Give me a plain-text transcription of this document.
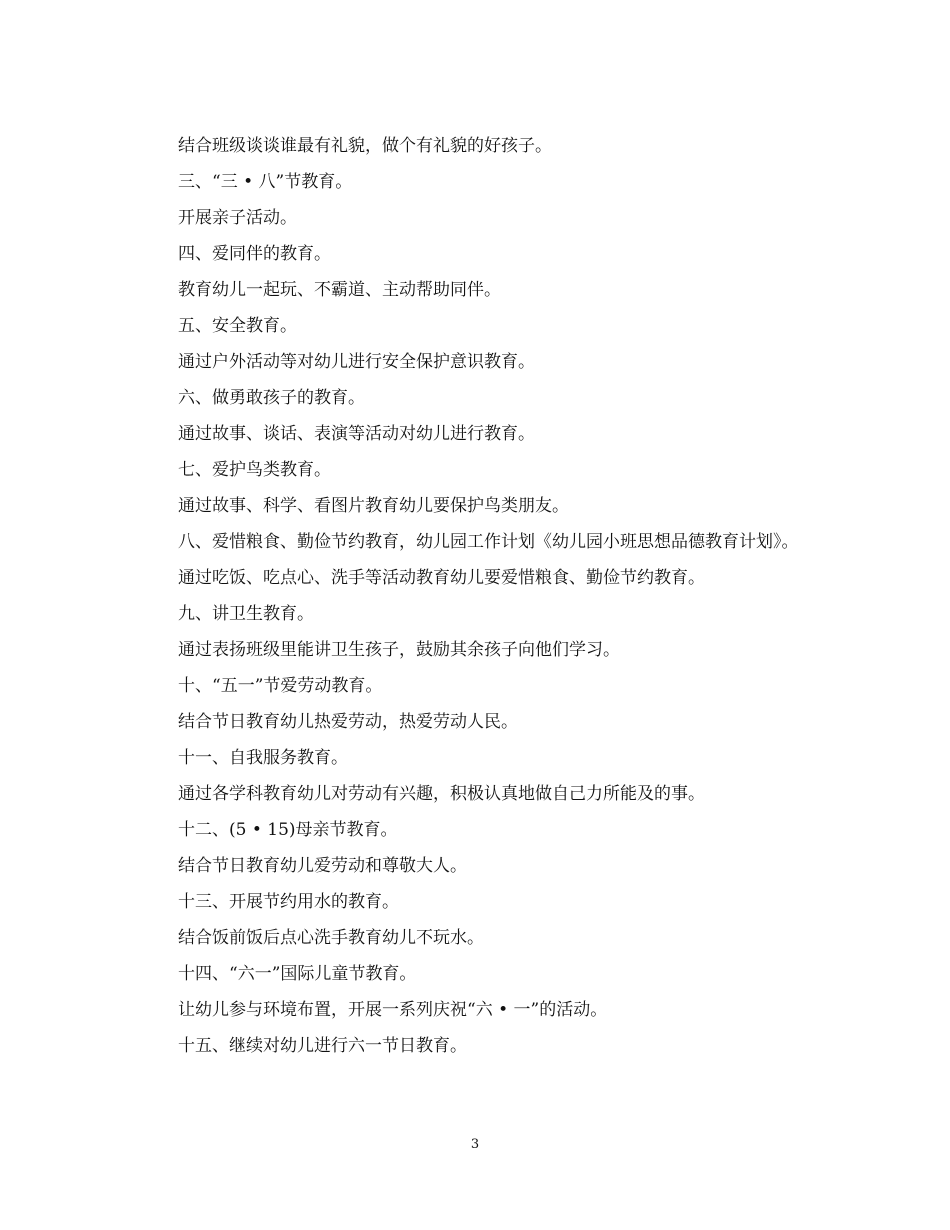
结合班级谈谈谁最有礼貌，做个有礼貌的好孩子。

三、“三 • 八”节教育。

开展亲子活动。

四、爱同伴的教育。

教育幼儿一起玩、不霸道、主动帮助同伴。

五、安全教育。

通过户外活动等对幼儿进行安全保护意识教育。

六、做勇敢孩子的教育。

通过故事、谈话、表演等活动对幼儿进行教育。

七、爱护鸟类教育。

通过故事、科学、看图片教育幼儿要保护鸟类朋友。

八、爱惜粮食、勤俭节约教育，幼儿园工作计划《幼儿园小班思想品德教育计划》。

通过吃饭、吃点心、洗手等活动教育幼儿要爱惜粮食、勤俭节约教育。

九、讲卫生教育。

通过表扬班级里能讲卫生孩子，鼓励其余孩子向他们学习。

十、“五一”节爱劳动教育。

结合节日教育幼儿热爱劳动，热爱劳动人民。

十一、自我服务教育。

通过各学科教育幼儿对劳动有兴趣，积极认真地做自己力所能及的事。

十二、(5 • 15)母亲节教育。

结合节日教育幼儿爱劳动和尊敬大人。

十三、开展节约用水的教育。

结合饭前饭后点心洗手教育幼儿不玩水。

十四、“六一”国际儿童节教育。

让幼儿参与环境布置，开展一系列庆祝“六 • 一”的活动。

十五、继续对幼儿进行六一节日教育。

3
